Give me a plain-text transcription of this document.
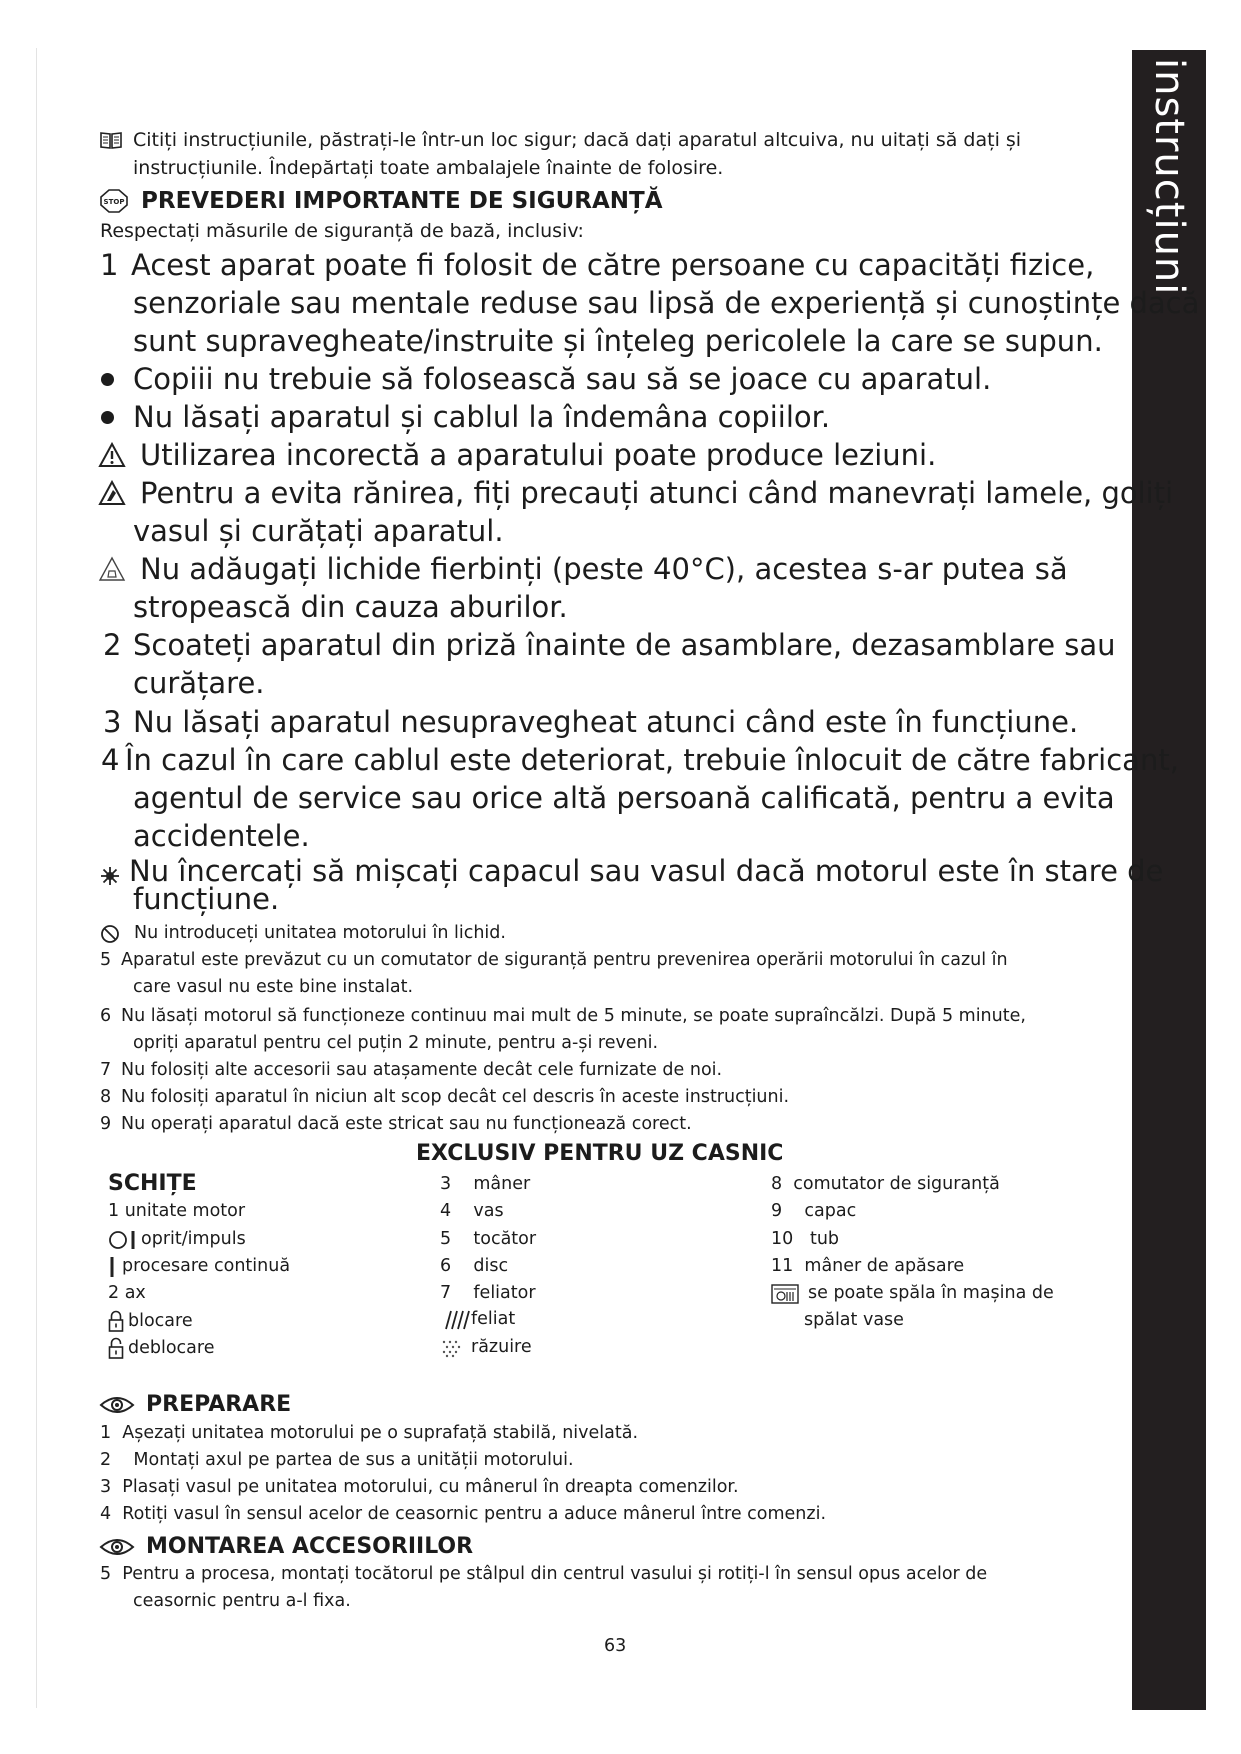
instrucțiuni
Citiți instrucțiunile, păstrați-le într-un loc sigur; dacă dați aparatul altcuiva, nu uitați să dați și
instrucțiunile. Îndepărtați toate ambalajele înainte de folosire.
STOP PREVEDERI IMPORTANTE DE SIGURANȚĂ
Respectați măsurile de siguranță de bază, inclusiv:
1 Acest aparat poate fi folosit de către persoane cu capacități fizice,
senzoriale sau mentale reduse sau lipsă de experiență și cunoștințe dacă
sunt supravegheate/instruite și înțeleg pericolele la care se supun.
Copiii nu trebuie să folosească sau să se joace cu aparatul.
Nu lăsați aparatul și cablul la îndemâna copiilor.
Utilizarea incorectă a aparatului poate produce leziuni.
Pentru a evita rănirea, fiți precauți atunci când manevrați lamele, goliți
vasul și curățați aparatul.
Nu adăugați lichide fierbinți (peste 40°C), acestea s-ar putea să
stropească din cauza aburilor.
2 Scoateți aparatul din priză înainte de asamblare, dezasamblare sau
curățare.
3 Nu lăsați aparatul nesupravegheat atunci când este în funcțiune.
4 În cazul în care cablul este deteriorat, trebuie înlocuit de către fabricant,
agentul de service sau orice altă persoană calificată, pentru a evita
accidentele.
Nu încercați să mișcați capacul sau vasul dacă motorul este în stare de
funcțiune.
Nu introduceți unitatea motorului în lichid.
5 Aparatul este prevăzut cu un comutator de siguranță pentru prevenirea operării motorului în cazul în
care vasul nu este bine instalat.
6 Nu lăsați motorul să funcționeze continuu mai mult de 5 minute, se poate supraîncălzi. După 5 minute,
opriți aparatul pentru cel puțin 2 minute, pentru a-și reveni.
7 Nu folosiți alte accesorii sau atașamente decât cele furnizate de noi.
8 Nu folosiți aparatul în niciun alt scop decât cel descris în aceste instrucțiuni.
9 Nu operați aparatul dacă este stricat sau nu funcționează corect.
EXCLUSIV PENTRU UZ CASNIC
SCHIȚE
1 unitate motor
oprit/impuls
procesare continuă
2 ax
blocare
deblocare
3    mâner
4    vas
5    tocător
6    disc
7    feliator
feliat
răzuire
8  comutator de siguranță
9    capac
10   tub
11  mâner de apăsare
se poate spăla în mașina de
spălat vase
PREPARARE
1  Așezați unitatea motorului pe o suprafață stabilă, nivelată.
2    Montați axul pe partea de sus a unității motorului.
3  Plasați vasul pe unitatea motorului, cu mânerul în dreapta comenzilor.
4  Rotiți vasul în sensul acelor de ceasornic pentru a aduce mânerul între comenzi.
MONTAREA ACCESORIILOR
5  Pentru a procesa, montați tocătorul pe stâlpul din centrul vasului și rotiți-l în sensul opus acelor de
ceasornic pentru a-l fixa.
63
